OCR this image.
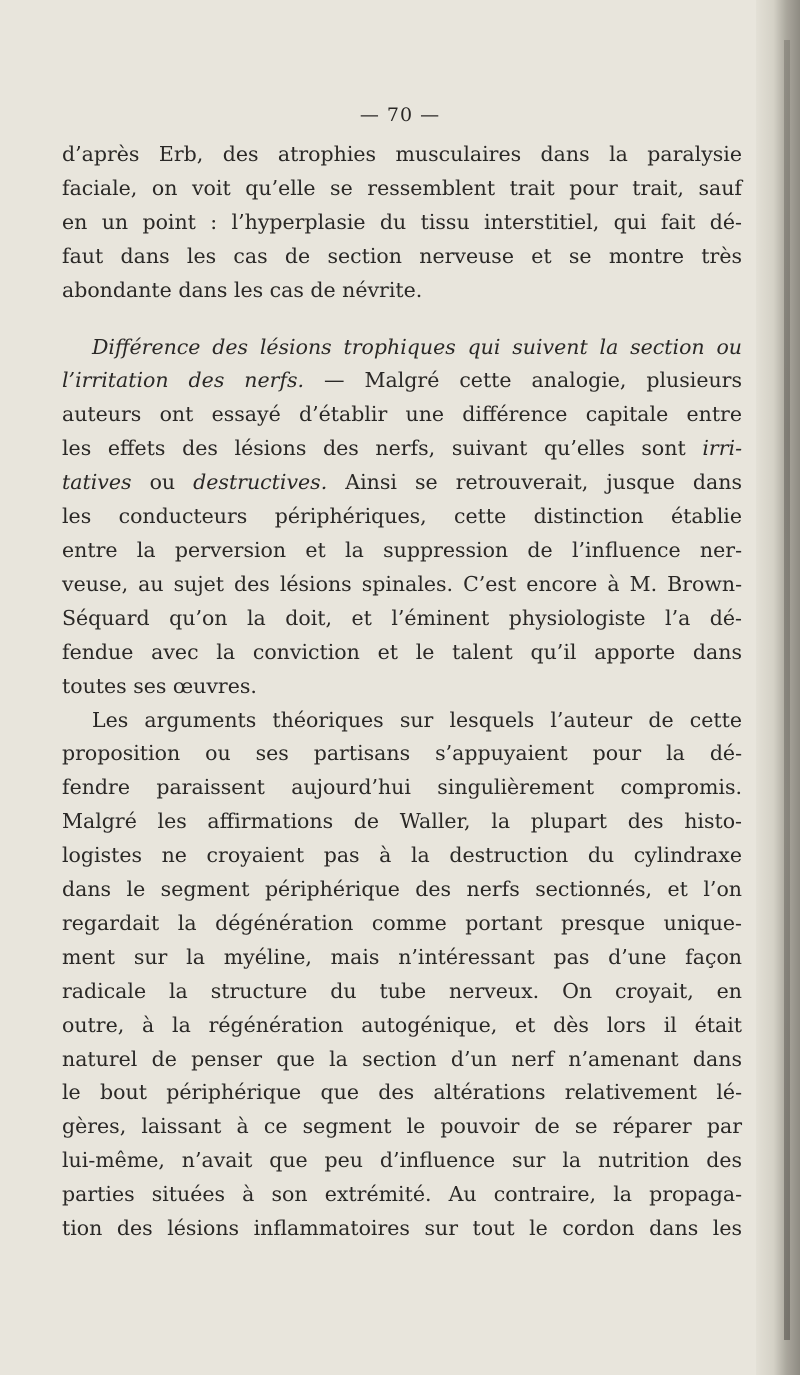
— 70 —
d’après Erb, des atrophies musculaires dans la paralysie
faciale, on voit qu’elle se ressemblent trait pour trait, sauf
en un point : l’hyperplasie du tissu interstitiel, qui fait dé-
faut dans les cas de section nerveuse et se montre très
abondante dans les cas de névrite.
Différence des lésions trophiques qui suivent la section ou
l’irritation des nerfs. — Malgré cette analogie, plusieurs
auteurs ont essayé d’établir une différence capitale entre
les effets des lésions des nerfs, suivant qu’elles sont irri-
tatives ou destructives. Ainsi se retrouverait, jusque dans
les conducteurs périphériques, cette distinction établie
entre la perversion et la suppression de l’influence ner-
veuse, au sujet des lésions spinales. C’est encore à M. Brown-
Séquard qu’on la doit, et l’éminent physiologiste l’a dé-
fendue avec la conviction et le talent qu’il apporte dans
toutes ses œuvres.
Les arguments théoriques sur lesquels l’auteur de cette
proposition ou ses partisans s’appuyaient pour la dé-
fendre paraissent aujourd’hui singulièrement compromis.
Malgré les affirmations de Waller, la plupart des histo-
logistes ne croyaient pas à la destruction du cylindraxe
dans le segment périphérique des nerfs sectionnés, et l’on
regardait la dégénération comme portant presque unique-
ment sur la myéline, mais n’intéressant pas d’une façon
radicale la structure du tube nerveux. On croyait, en
outre, à la régénération autogénique, et dès lors il était
naturel de penser que la section d’un nerf n’amenant dans
le bout périphérique que des altérations relativement lé-
gères, laissant à ce segment le pouvoir de se réparer par
lui-même, n’avait que peu d’influence sur la nutrition des
parties situées à son extrémité. Au contraire, la propaga-
tion des lésions inflammatoires sur tout le cordon dans les
